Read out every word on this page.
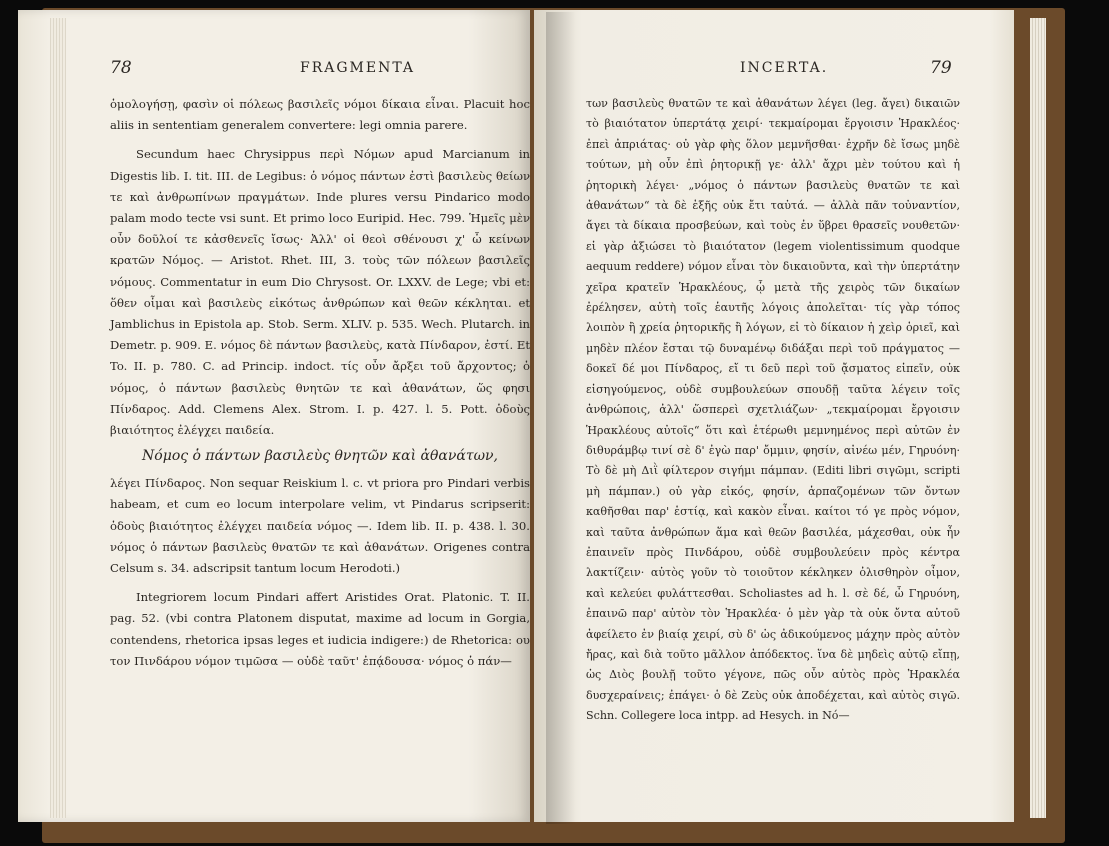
78	FRAGMENTA

ὁμολογήσῃ, φασὶν οἱ πόλεως βασιλεῖς νόμοι δίκαια εἶναι. Placuit hoc aliis in sententiam generalem convertere: legi omnia parere.

Secundum haec Chrysippus περὶ Νόμων apud Marcianum in Digestis lib. I. tit. III. de Legibus: ὁ νόμος πάντων ἐστὶ βασιλεὺς θείων τε καὶ ἀνθρωπίνων πραγμάτων. Inde plures versu Pindarico modo palam modo tecte vsi sunt. Et primo loco Euripid. Hec. 799. Ἡμεῖς μὲν οὖν δοῦλοί τε κἀσθενεῖς ἴσως· Ἀλλ' οἱ θεοὶ σθένουσι χ' ὦ κείνων κρατῶν Νόμος. — Aristot. Rhet. III, 3. τοὺς τῶν πόλεων βασιλεῖς νόμους. Commentatur in eum Dio Chrysost. Or. LXXV. de Lege; vbi et: ὅθεν οἶμαι καὶ βασιλεὺς εἰκότως ἀνθρώπων καὶ θεῶν κέκληται. et Jamblichus in Epistola ap. Stob. Serm. XLIV. p. 535. Wech. Plutarch. in Demetr. p. 909. E. νόμος δὲ πάντων βασιλεὺς, κατὰ Πίνδαρον, ἐστί. Et To. II. p. 780. C. ad Princip. indoct. τίς οὖν ἄρξει τοῦ ἄρχοντος; ὁ νόμος, ὁ πάντων βασιλεὺς θνητῶν τε καὶ ἀθανάτων, ὥς φησι Πίνδαρος. Add. Clemens Alex. Strom. I. p. 427. l. 5. Pott. ὁδοὺς βιαιότητος ἐλέγχει παιδεία.

Νόμος ὁ πάντων βασιλεὺς θνητῶν καὶ ἀθανάτων,

λέγει Πίνδαρος. Non sequar Reiskium l. c. vt priora pro Pindari verbis habeam, et cum eo locum interpolare velim, vt Pindarus scripserit: ὁδοὺς βιαιότητος ἐλέγχει παιδεία νόμος —. Idem lib. II. p. 438. l. 30. νόμος ὁ πάντων βασιλεὺς θνατῶν τε καὶ ἀθανάτων. Origenes contra Celsum s. 34. adscripsit tantum locum Herodoti.)

Integriorem locum Pindari affert Aristides Orat. Platonic. T. II. pag. 52. (vbi contra Platonem disputat, maxime ad locum in Gorgia, contendens, rhetorica ipsas leges et iudicia indigere:) de Rhetorica: ου τον Πινδάρου νόμον τιμῶσα — οὐδὲ ταῦτ' ἐπᾴδουσα· νόμος ὁ πάν—

INCERTA.	79

των βασιλεὺς θνατῶν τε καὶ ἀθανάτων λέγει (leg. ἄγει) δικαιῶν τὸ βιαιότατον ὑπερτάτᾳ χειρί· τεκμαίρομαι ἔργοισιν Ἡρακλέος· ἐπεὶ ἀπριάτας· οὐ γὰρ φὴς ὅλον μεμνῆσθαι· ἐχρῆν δὲ ἴσως μηδὲ τούτων, μὴ οὖν ἐπὶ ῥητορικῇ γε· ἀλλ' ἄχρι μὲν τούτου καὶ ἡ ῥητορικὴ λέγει· „νόμος ὁ πάντων βασιλεὺς θνατῶν τε καὶ ἀθανάτων“ τὰ δὲ ἑξῆς οὐκ ἔτι ταὐτά. — ἀλλὰ πᾶν τοὐναντίον, ἄγει τὰ δίκαια προσβεύων, καὶ τοὺς ἐν ὕβρει θρασεῖς νουθετῶν· εἰ γὰρ ἀξιώσει τὸ βιαιότατον (legem violentissimum quodque aequum reddere) νόμον εἶναι τὸν δικαιοῦντα, καὶ τὴν ὑπερτάτην χεῖρα κρατεῖν Ἡρακλέους, ᾧ μετὰ τῆς χειρὸς τῶν δικαίων ἐρέλησεν, αὐτὴ τοῖς ἑαυτῆς λόγοις ἀπολεῖται· τίς γὰρ τόπος λοιπὸν ἢ χρεία ῥητορικῆς ἢ λόγων, εἰ τὸ δίκαιον ἡ χεὶρ ὁριεῖ, καὶ μηδὲν πλέον ἔσται τῷ δυναμένῳ διδάξαι περὶ τοῦ πράγματος — δοκεῖ δέ μοι Πίνδαρος, εἴ τι δεῦ περὶ τοῦ ᾄσματος εἰπεῖν, οὐκ εἰσηγούμενος, οὐδὲ συμβουλεύων σπουδῇ ταῦτα λέγειν τοῖς ἀνθρώποις, ἀλλ' ὥσπερεὶ σχετλιάζων· „τεκμαίρομαι ἔργοισιν Ἡρακλέους αὐτοῖς“ ὅτι καὶ ἑτέρωθι μεμνημένος περὶ αὐτῶν ἐν διθυράμβῳ τινί σὲ δ' ἐγὼ παρ' ὄμμιν, φησίν, αἰνέω μέν, Γηρυόνη· Τὸ δὲ μὴ Διῒ φίλτερον σιγήμι πάμπαν. (Editi libri σιγῶμι, scripti μὴ πάμπαν.) οὐ γὰρ εἰκός, φησίν, ἁρπαζομένων τῶν ὄντων καθῆσθαι παρ' ἑστίᾳ, καὶ κακὸν εἶναι. καίτοι τό γε πρὸς νόμον, καὶ ταῦτα ἀνθρώπων ἅμα καὶ θεῶν βασιλέα, μάχεσθαι, οὐκ ἦν ἐπαινεῖν πρὸς Πινδάρου, οὐδὲ συμβουλεύειν πρὸς κέντρα λακτίζειν· αὐτὸς γοῦν τὸ τοιοῦτον κέκληκεν ὀλισθηρὸν οἶμον, καὶ κελεύει φυλάττεσθαι. Scholiastes ad h. l. σὲ δέ, ὦ Γηρυόνη, ἐπαινῶ παρ' αὐτὸν τὸν Ἡρακλέα· ὁ μὲν γὰρ τὰ οὐκ ὄντα αὐτοῦ ἀφείλετο ἐν βιαίᾳ χειρί, σὺ δ' ὡς ἀδικούμενος μάχην πρὸς αὐτὸν ἤρας, καὶ διὰ τοῦτο μᾶλλον ἀπόδεκτος. ἵνα δὲ μηδεὶς αὐτῷ εἴπῃ, ὡς Διὸς βουλῇ τοῦτο γέγονε, πῶς οὖν αὐτὸς πρὸς Ἡρακλέα δυσχεραίνεις; ἐπάγει· ὁ δὲ Ζεὺς οὐκ ἀποδέχεται, καὶ αὐτὸς σιγῶ. Schn. Collegere loca intpp. ad Hesych. in Νό—
